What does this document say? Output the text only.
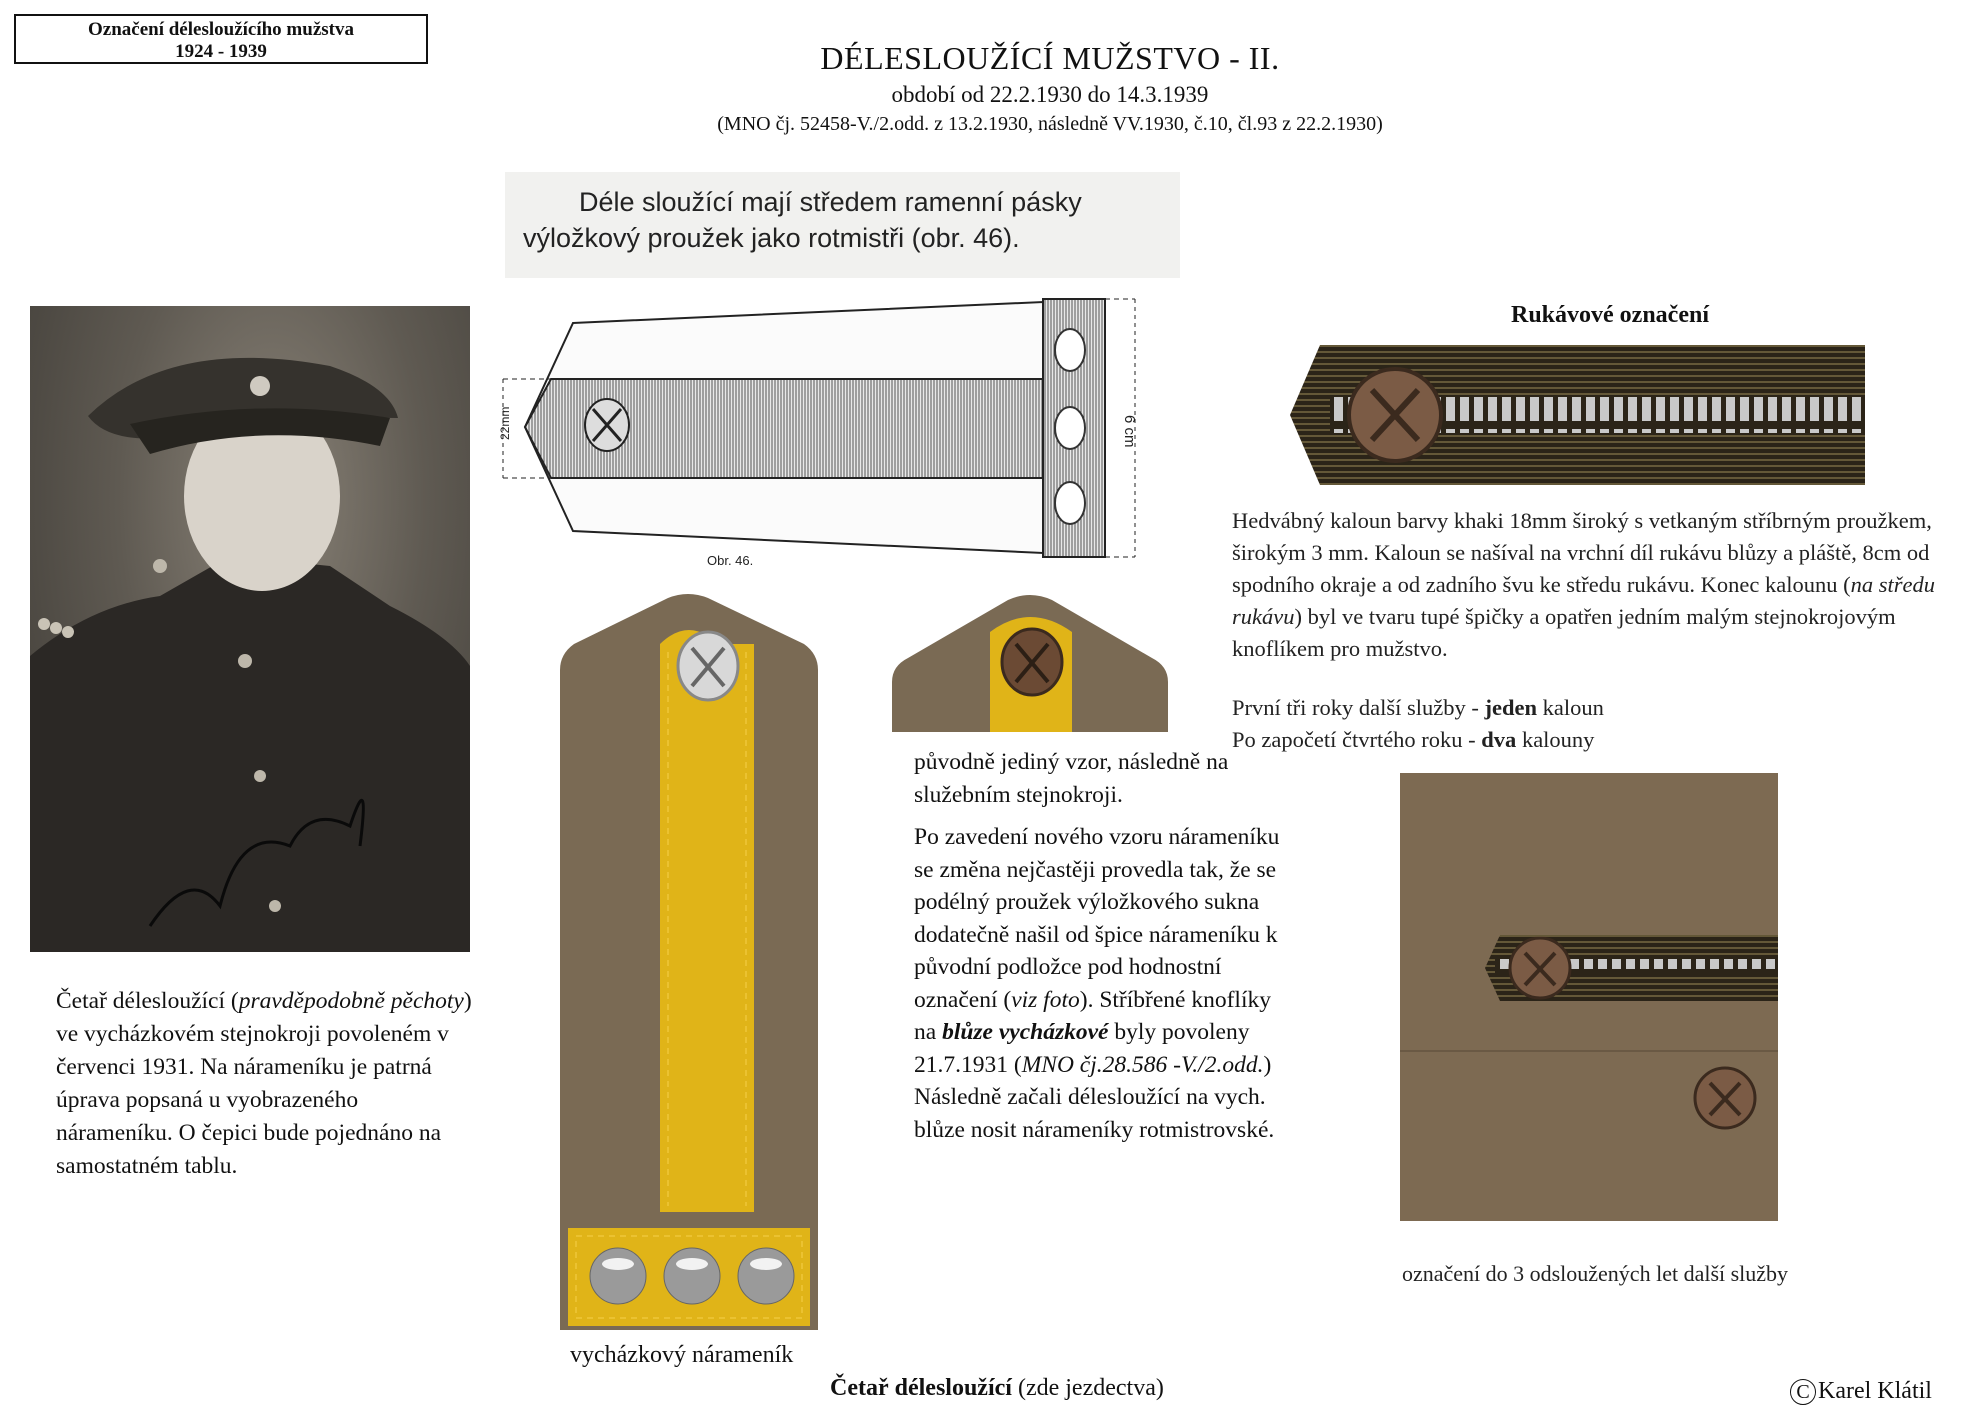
Označení délesloužícího mužstva
1924 - 1939	DÉLESLOUŽÍCÍ MUŽSTVO - II.
období od 22.2.1930 do 14.3.1939
(MNO čj. 52458-V./2.odd. z 13.2.1930, následně VV.1930, č.10, čl.93 z 22.2.1930)
Déle sloužící mají středem ramenní pásky
výložkový proužek jako rotmistři (obr. 46).
22mm	6 cm
Obr. 46.
Četař délesloužící (pravděpodobně pěchoty) ve vycházkovém stejnokroji povoleném v červenci 1931. Na nárameníku je patrná úprava popsaná u vyobrazeného nárameníku. O čepici bude pojednáno na samostatném tablu.

původně jediný vzor, následně na služebním stejnokroji.

Po zavedení nového vzoru nárameníku se změna nejčastěji provedla tak, že se podélný proužek výložkového sukna dodatečně našil od špice nárameníku k původní podložce pod hodnostní označení (viz foto). Stříbřené knoflíky na blůze vycházkové byly povoleny 21.7.1931 (MNO čj.28.586 -V./2.odd.) Následně začali délesloužící na vych. blůze nosit nárameníky rotmistrovské.

vycházkový nárameník
Četař délesloužící (zde jezdectva)
Rukávové označení
Hedvábný kaloun barvy khaki 18mm široký s vetkaným stříbrným proužkem, širokým 3 mm. Kaloun se našíval na vrchní díl rukávu blůzy a pláště, 8cm od spodního okraje a od zadního švu ke středu rukávu. Konec kalounu (na středu rukávu) byl ve tvaru tupé špičky a opatřen jedním malým stejnokrojovým knoflíkem pro mužstvo.
První tři roky další služby - jeden kaloun
Po započetí čtvrtého roku - dva kalouny
označení do 3 odsloužených let další služby
C Karel Klátil
